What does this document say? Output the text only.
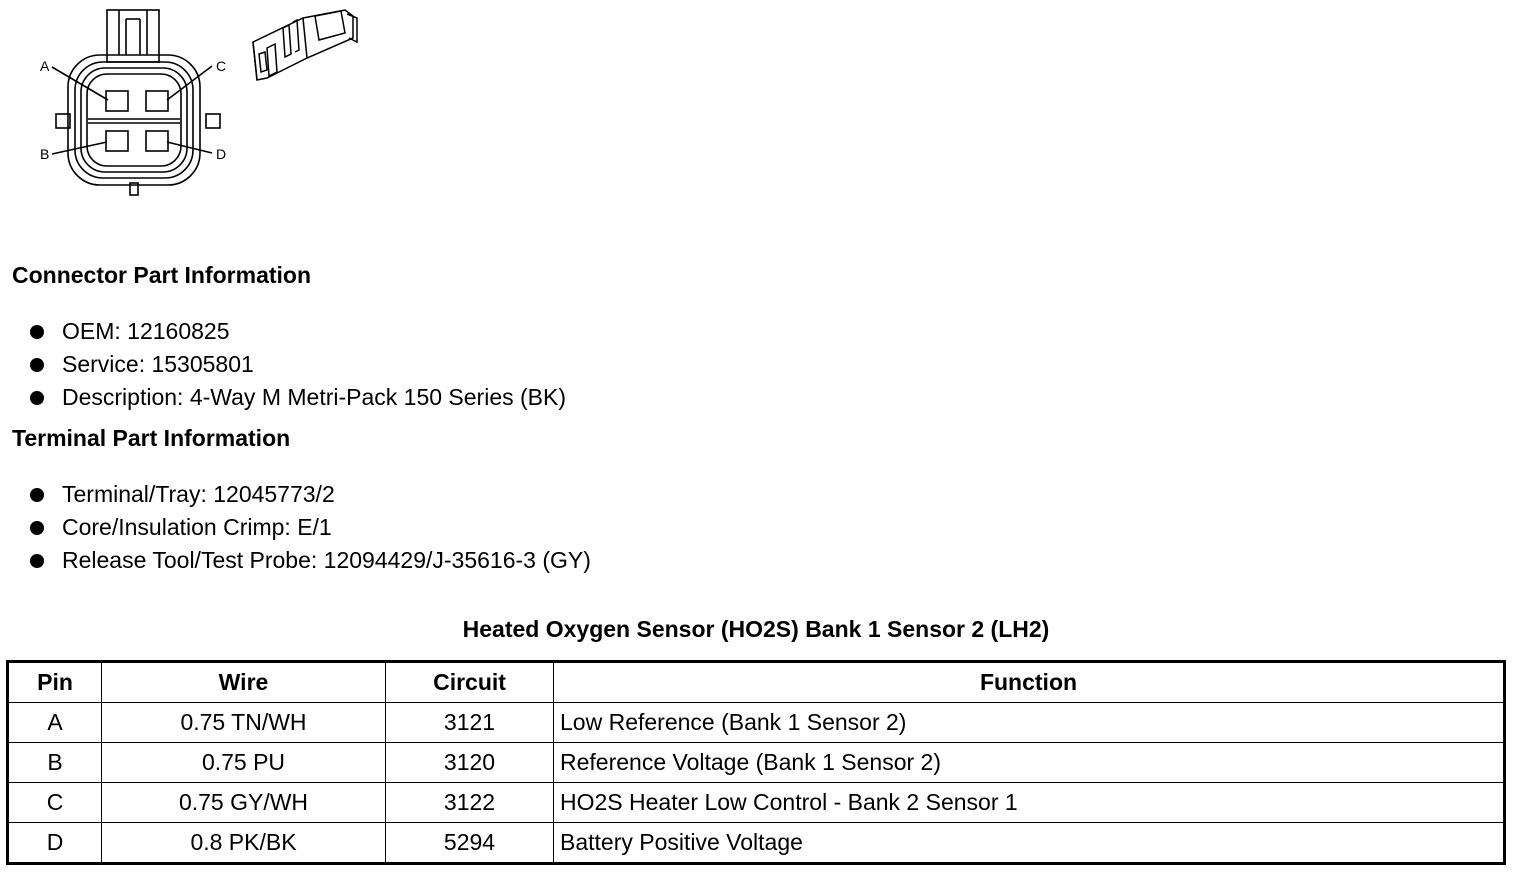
A
B
C
D
Connector Part Information
OEM: 12160825
Service: 15305801
Description: 4-Way M Metri-Pack 150 Series (BK)
Terminal Part Information
Terminal/Tray: 12045773/2
Core/Insulation Crimp: E/1
Release Tool/Test Probe: 12094429/J-35616-3 (GY)
Heated Oxygen Sensor (HO2S) Bank 1 Sensor 2 (LH2)
Pin	Wire	Circuit	Function
A	0.75 TN/WH	3121	Low Reference (Bank 1 Sensor 2)
B	0.75 PU	3120	Reference Voltage (Bank 1 Sensor 2)
C	0.75 GY/WH	3122	HO2S Heater Low Control - Bank 2 Sensor 1
D	0.8 PK/BK	5294	Battery Positive Voltage
